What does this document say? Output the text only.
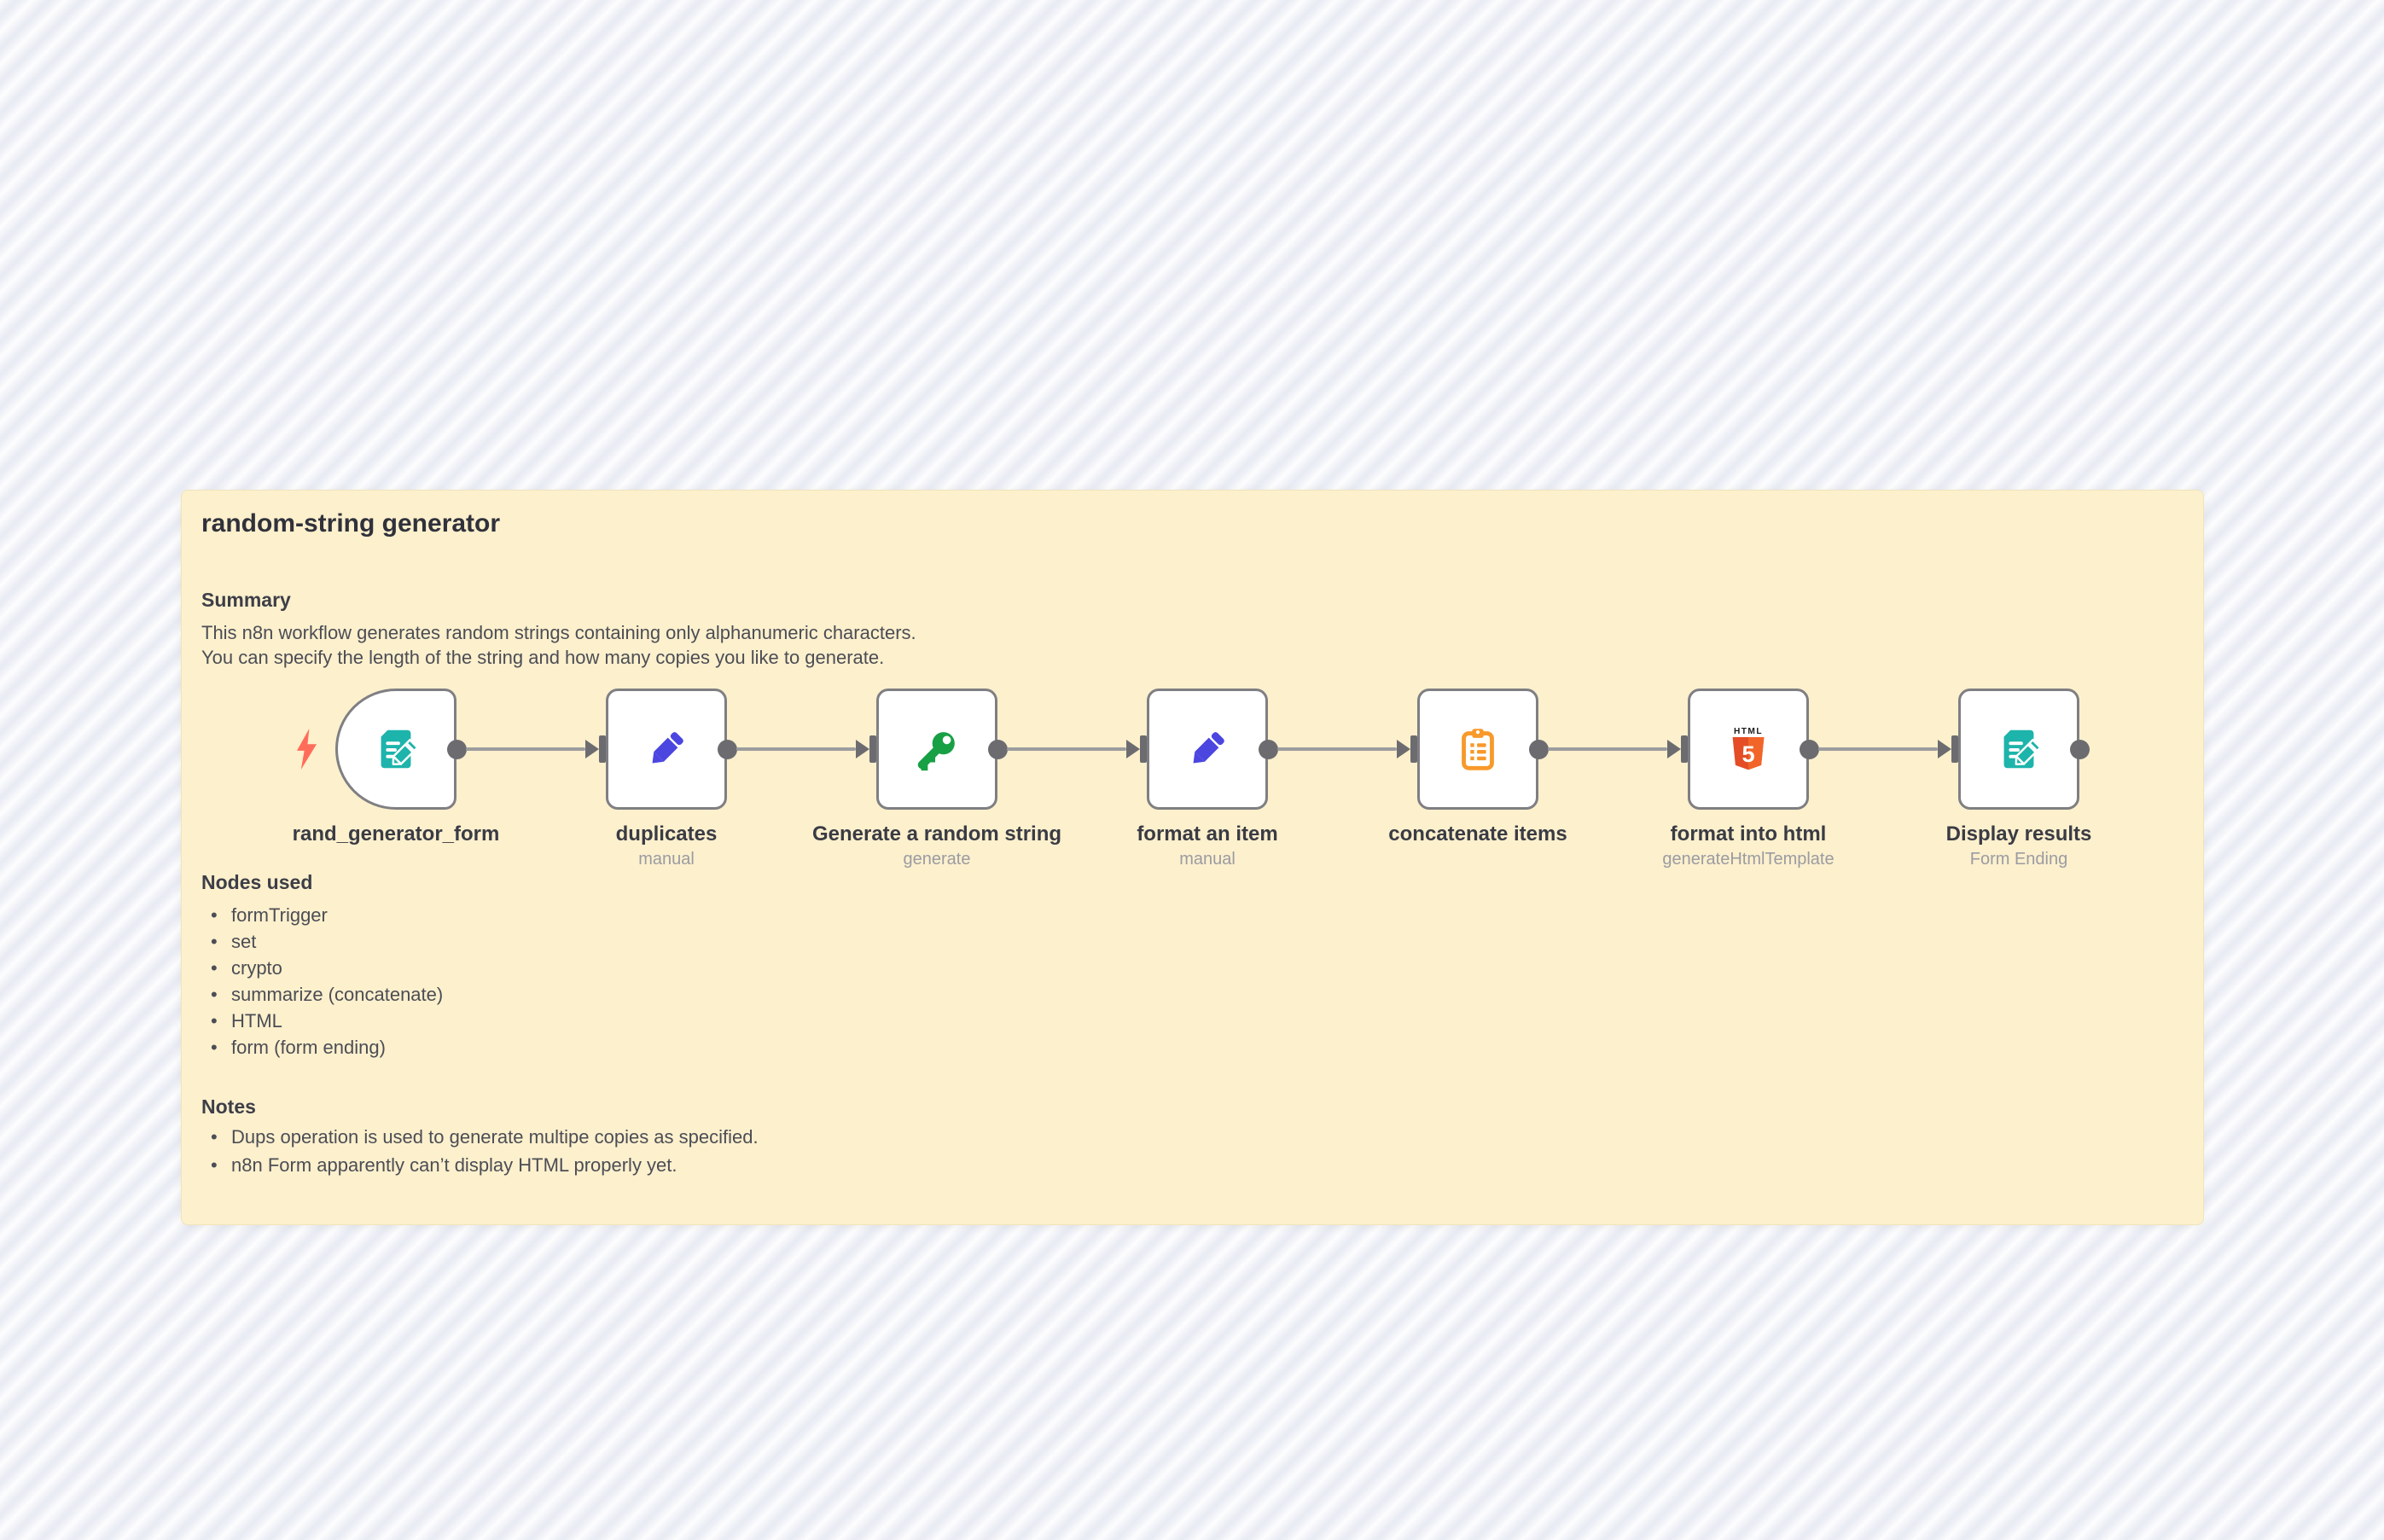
random-string generator
Summary
This n8n workflow generates random strings containing only alphanumeric characters.
You can specify the length of the string and how many copies you like to generate.
rand_generator_form	duplicates
manual
Generate a random string
generate
format an item
manual
concatenate items
HTML
5
format into html
generateHtmlTemplate
Display results
Form Ending
Nodes used
• formTrigger
• set
• crypto
• summarize (concatenate)
• HTML
• form (form ending)
Notes
• Dups operation is used to generate multipe copies as specified.
• n8n Form apparently can’t display HTML properly yet.
